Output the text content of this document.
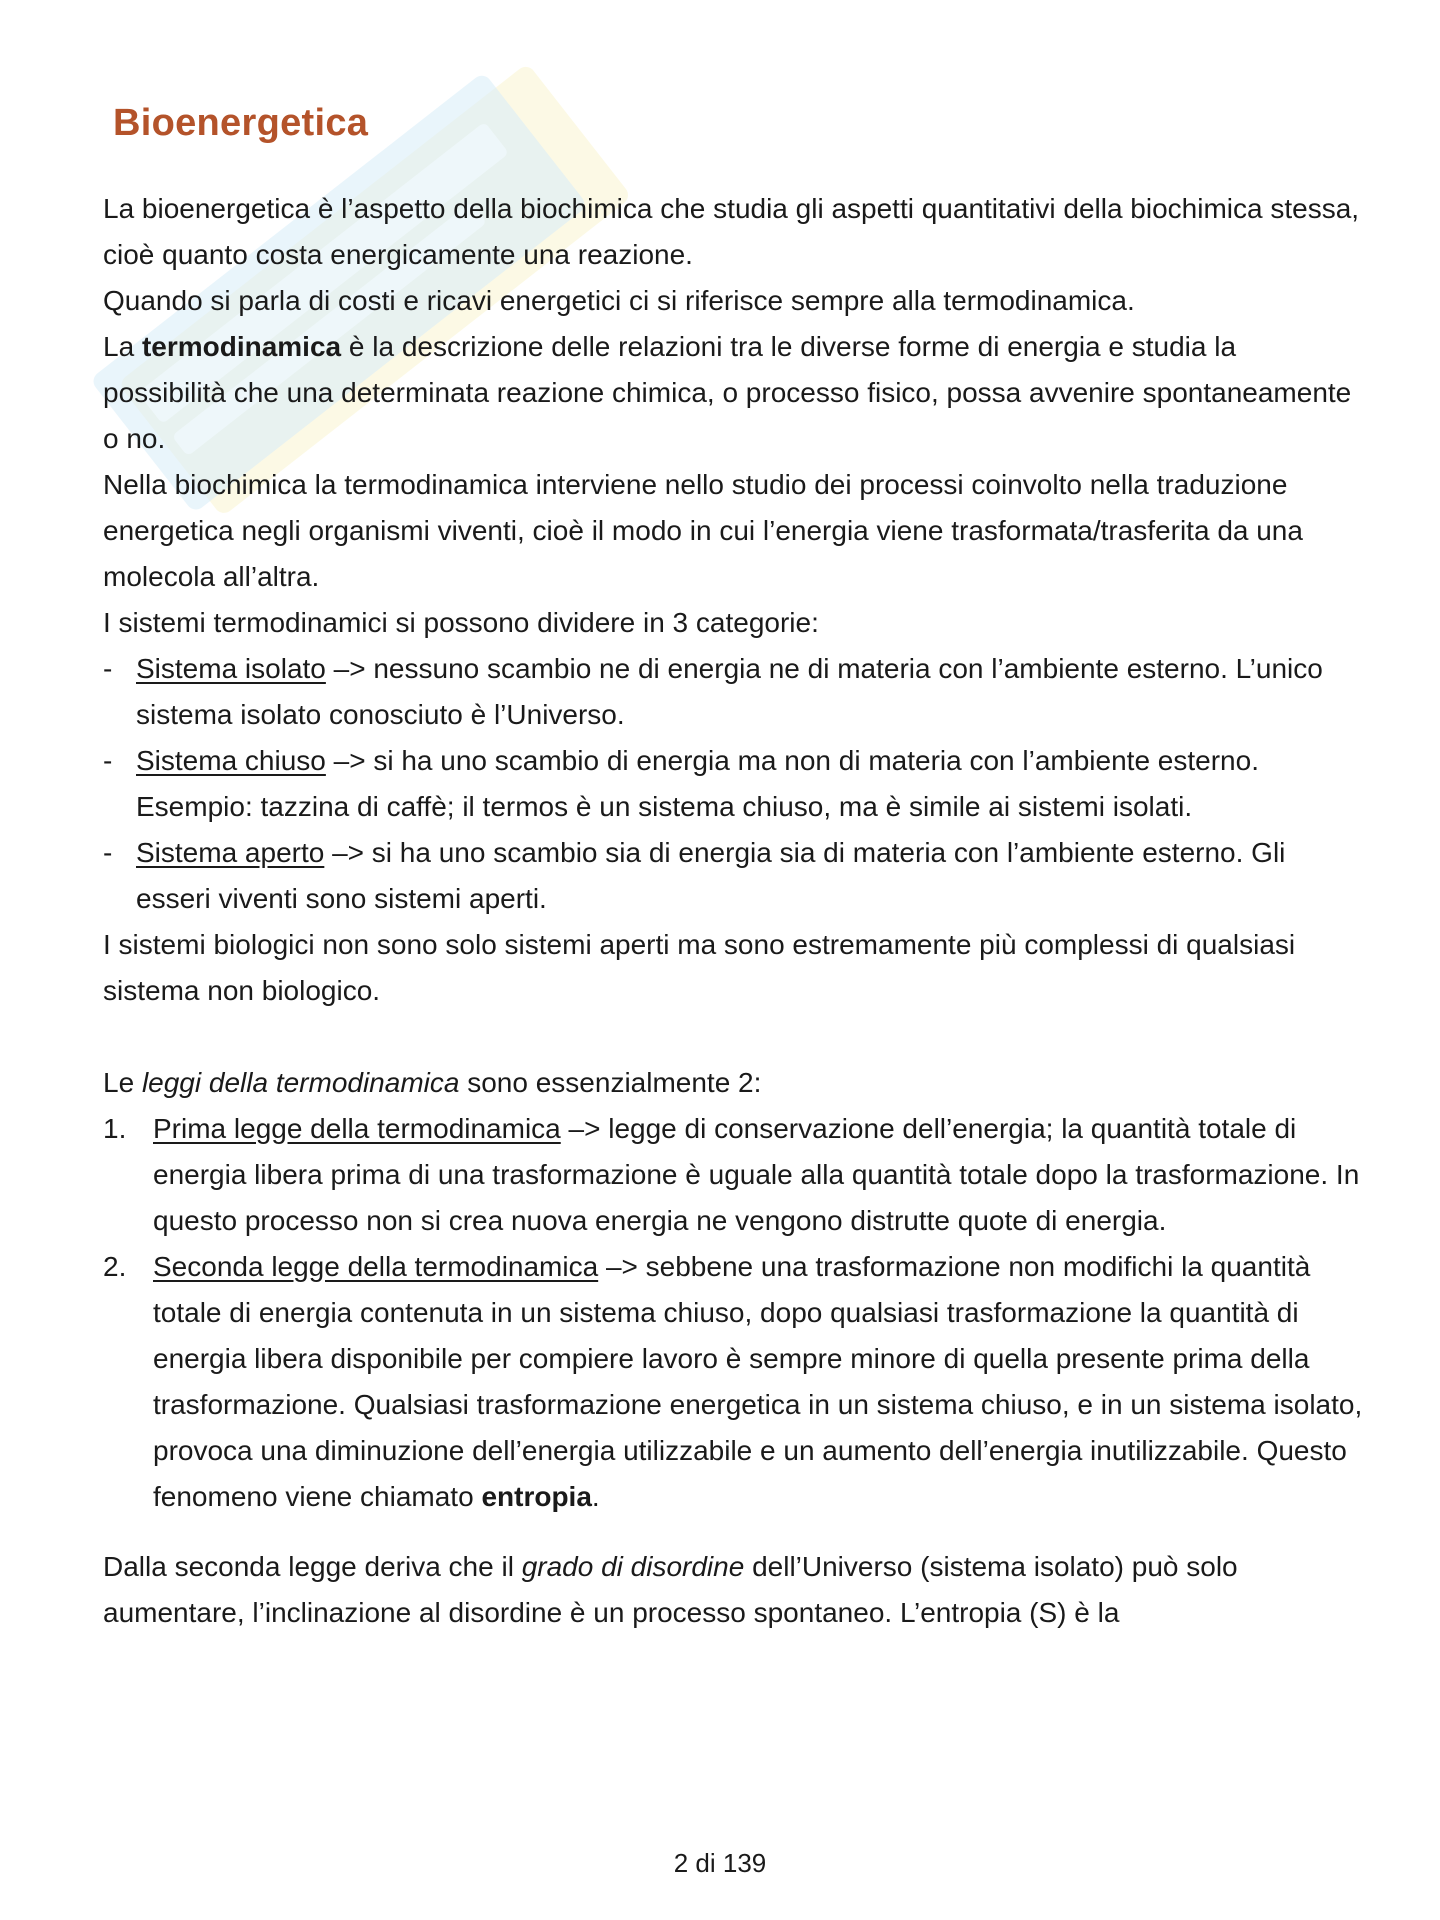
Bioenergetica

La bioenergetica è l’aspetto della biochimica che studia gli aspetti quantitativi della biochimica stessa, cioè quanto costa energicamente una reazione.

Quando si parla di costi e ricavi energetici ci si riferisce sempre alla termodinamica.

La termodinamica è la descrizione delle relazioni tra le diverse forme di energia e studia la possibilità che una determinata reazione chimica, o processo fisico, possa avvenire spontaneamente o no.

Nella biochimica la termodinamica interviene nello studio dei processi coinvolto nella traduzione energetica negli organismi viventi, cioè il modo in cui l’energia viene trasformata/trasferita da una molecola all’altra.

I sistemi termodinamici si possono dividere in 3 categorie:

- Sistema isolato –> nessuno scambio ne di energia ne di materia con l’ambiente esterno. L’unico sistema isolato conosciuto è l’Universo.
- Sistema chiuso –> si ha uno scambio di energia ma non di materia con l’ambiente esterno. Esempio: tazzina di caffè; il termos è un sistema chiuso, ma è simile ai sistemi isolati.
- Sistema aperto –> si ha uno scambio sia di energia sia di materia con l’ambiente esterno. Gli esseri viventi sono sistemi aperti.

I sistemi biologici non sono solo sistemi aperti ma sono estremamente più complessi di qualsiasi sistema non biologico.

Le leggi della termodinamica sono essenzialmente 2:

1. Prima legge della termodinamica –> legge di conservazione dell’energia; la quantità totale di energia libera prima di una trasformazione è uguale alla quantità totale dopo la trasformazione. In questo processo non si crea nuova energia ne vengono distrutte quote di energia.
2. Seconda legge della termodinamica –> sebbene una trasformazione non modifichi la quantità totale di energia contenuta in un sistema chiuso, dopo qualsiasi trasformazione la quantità di energia libera disponibile per compiere lavoro è sempre minore di quella presente prima della trasformazione. Qualsiasi trasformazione energetica in un sistema chiuso, e in un sistema isolato, provoca una diminuzione dell’energia utilizzabile e un aumento dell’energia inutilizzabile. Questo fenomeno viene chiamato entropia.

Dalla seconda legge deriva che il grado di disordine dell’Universo (sistema isolato) può solo aumentare, l’inclinazione al disordine è un processo spontaneo. L’entropia (S) è la

2 di 139
